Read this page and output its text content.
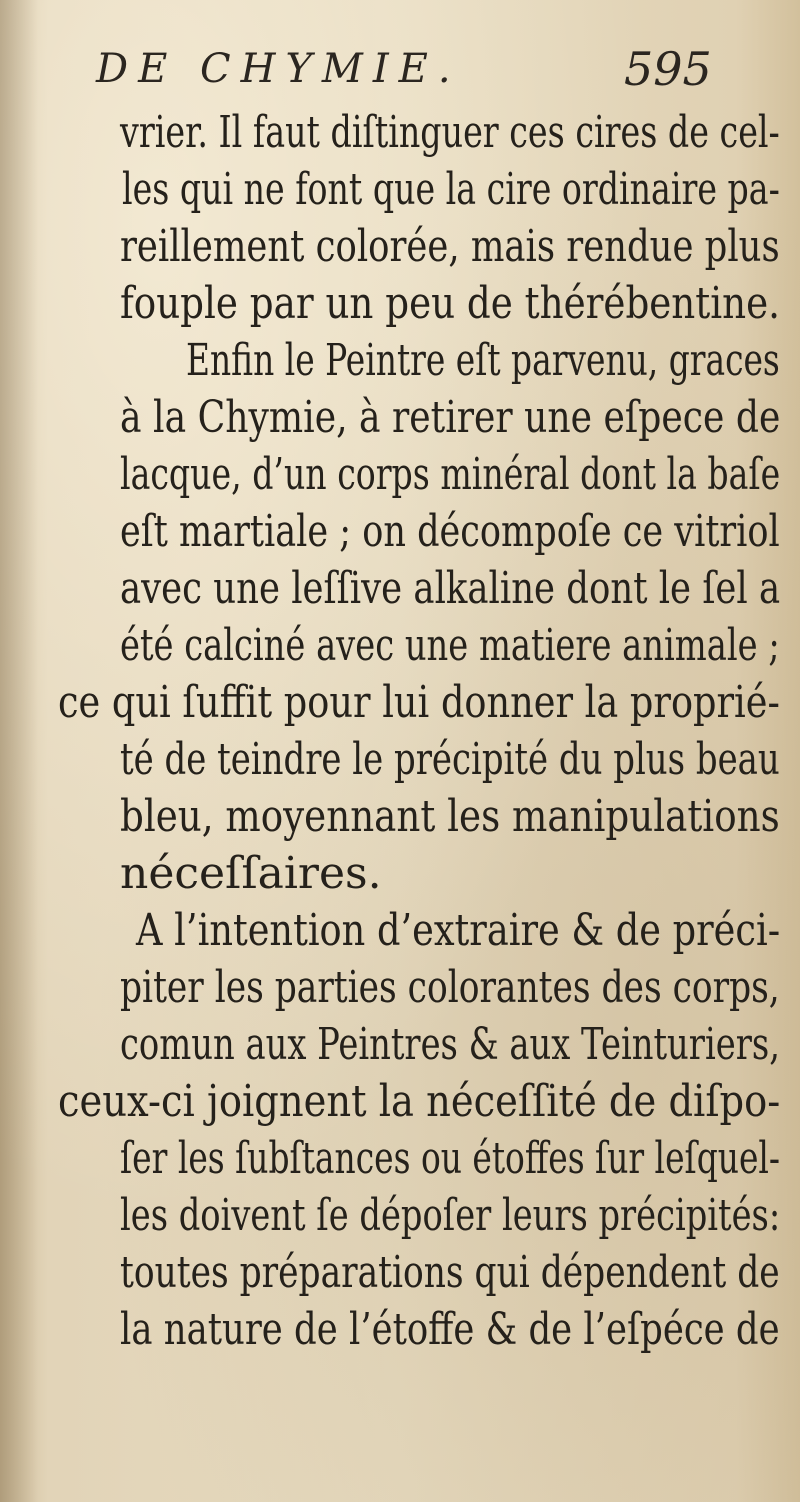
DE CHYMIE.	595
vrier. Il faut diſtinguer ces cires de cel-
les qui ne font que la cire ordinaire pa-
reillement colorée, mais rendue plus
fouple par un peu de thérébentine.
Enfin le Peintre eſt parvenu, graces
à la Chymie, à retirer une eſpece de
lacque, d’un corps minéral dont la baſe
eſt martiale ; on décompoſe ce vitriol
avec une leſſive alkaline dont le ſel a
été calciné avec une matiere animale ;
ce qui ſuffit pour lui donner la proprié-
té de teindre le précipité du plus beau
bleu, moyennant les manipulations
néceſſaires.
A l’intention d’extraire & de préci-
piter les parties colorantes des corps,
comun aux Peintres & aux Teinturiers,
ceux-ci joignent la néceſſité de diſpo-
ſer les ſubſtances ou étoffes ſur leſquel-
les doivent ſe dépoſer leurs précipités:
toutes préparations qui dépendent de
la nature de l’étoffe & de l’eſpéce de
